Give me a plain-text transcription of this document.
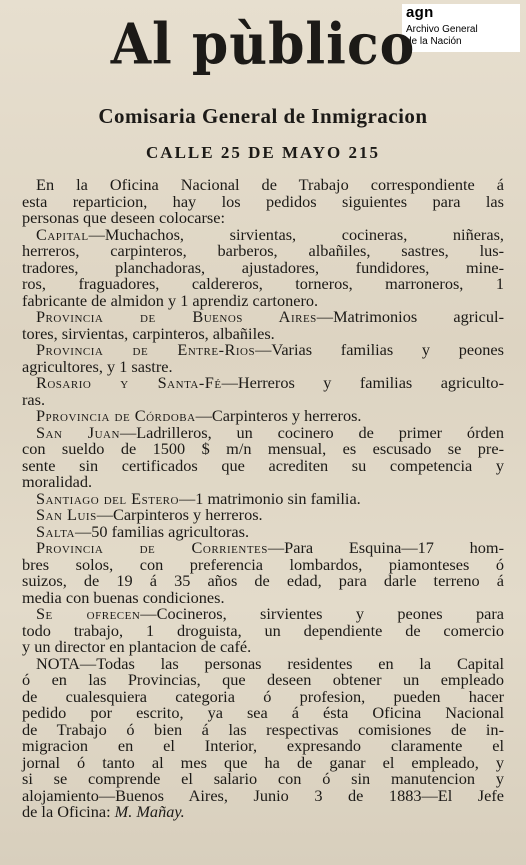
agn
Archivo General
de la Nación
Al pùblico
Comisaria General de Inmigracion
CALLE 25 DE MAYO 215
En la Oficina Nacional de Trabajo correspondiente á
esta reparticion, hay los pedidos siguientes para las
personas que deseen colocarse:
Capital—Muchachos, sirvientas, cocineras, niñeras,
herreros, carpinteros, barberos, albañiles, sastres, lus-
tradores, planchadoras, ajustadores, fundidores, mine-
ros, fraguadores, caldereros, torneros, marroneros, 1
fabricante de almidon y 1 aprendiz cartonero.
Provincia de Buenos Aires—Matrimonios agricul-
tores, sirvientas, carpinteros, albañiles.
Provincia de Entre-Rios—Varias familias y peones
agricultores, y 1 sastre.
Rosario y Santa-Fé—Herreros y familias agriculto-
ras.
Pprovincia de Córdoba—Carpinteros y herreros.
San Juan—Ladrilleros, un cocinero de primer órden
con sueldo de 1500 $ m/n mensual, es escusado se pre-
sente sin certificados que acrediten su competencia y
moralidad.
Santiago del Estero—1 matrimonio sin familia.
San Luis—Carpinteros y herreros.
Salta—50 familias agricultoras.
Provincia de Corrientes—Para Esquina—17 hom-
bres solos, con preferencia lombardos, piamonteses ó
suizos, de 19 á 35 años de edad, para darle terreno á
media con buenas condiciones.
Se ofrecen—Cocineros, sirvientes y peones para
todo trabajo, 1 droguista, un dependiente de comercio
y un director en plantacion de café.
NOTA—Todas las personas residentes en la Capital
ó en las Provincias, que deseen obtener un empleado
de cualesquiera categoria ó profesion, pueden hacer
pedido por escrito, ya sea á ésta Oficina Nacional
de Trabajo ó bien á las respectivas comisiones de in-
migracion en el Interior, expresando claramente el
jornal ó tanto al mes que ha de ganar el empleado, y
si se comprende el salario con ó sin manutencion y
alojamiento—Buenos Aires, Junio 3 de 1883—El Jefe
de la Oficina: M. Mañay.
